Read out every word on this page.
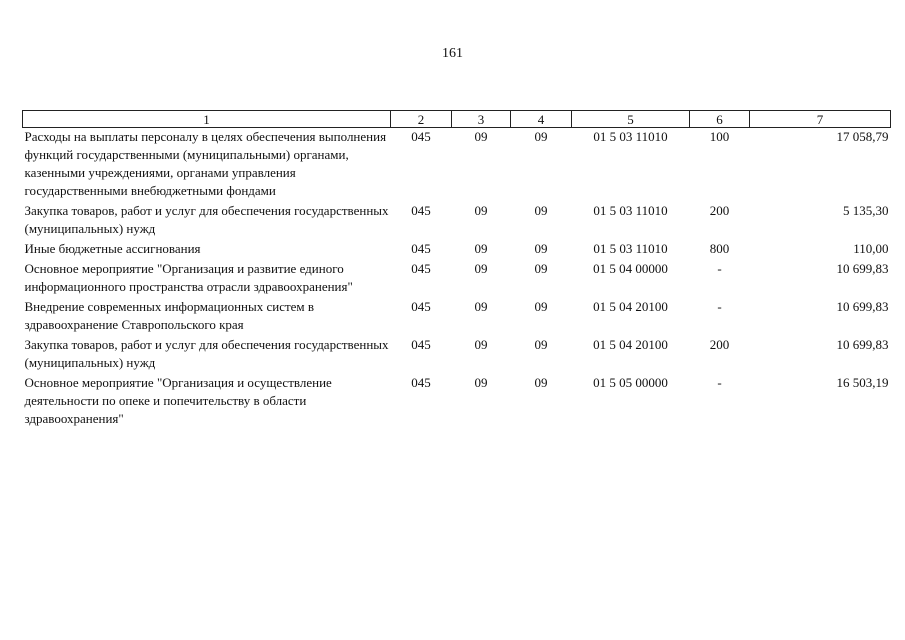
161
1	2	3	4	5	6	7
Расходы на выплаты персоналу в целях обеспечения выполнения функций государственными (муниципальными) органами, казенными учреждениями, органами управления государственными внебюджетными фондами	045	09	09	01 5 03 11010	100	17 058,79
Закупка товаров, работ и услуг для обеспечения государственных (муниципальных) нужд	045	09	09	01 5 03 11010	200	5 135,30
Иные бюджетные ассигнования	045	09	09	01 5 03 11010	800	110,00
Основное мероприятие "Организация и развитие единого информационного пространства отрасли здравоохранения"	045	09	09	01 5 04 00000	-	10 699,83
Внедрение современных информационных систем в здравоохранение Ставропольского края	045	09	09	01 5 04 20100	-	10 699,83
Закупка товаров, работ и услуг для обеспечения государственных (муниципальных) нужд	045	09	09	01 5 04 20100	200	10 699,83
Основное мероприятие "Организация и осуществление деятельности по опеке и попечительству в области здравоохранения"	045	09	09	01 5 05 00000	-	16 503,19
